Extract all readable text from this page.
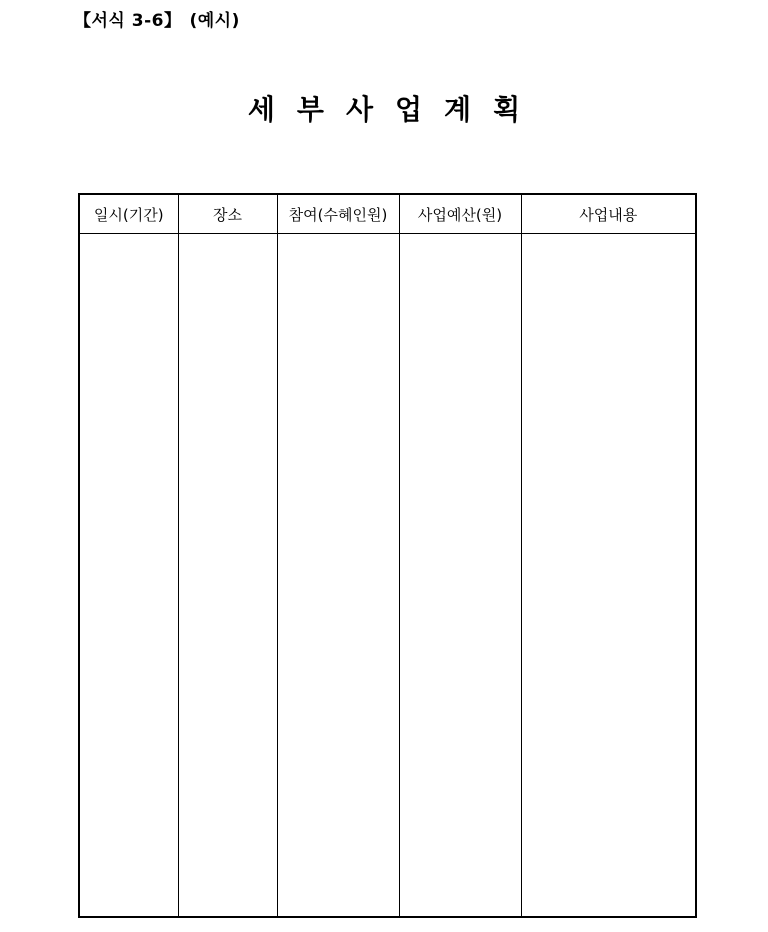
【서식 3-6】 (예시)
세부사업계획
일시(기간)	장소	참여(수혜인원)	사업예산(원)	사업내용
